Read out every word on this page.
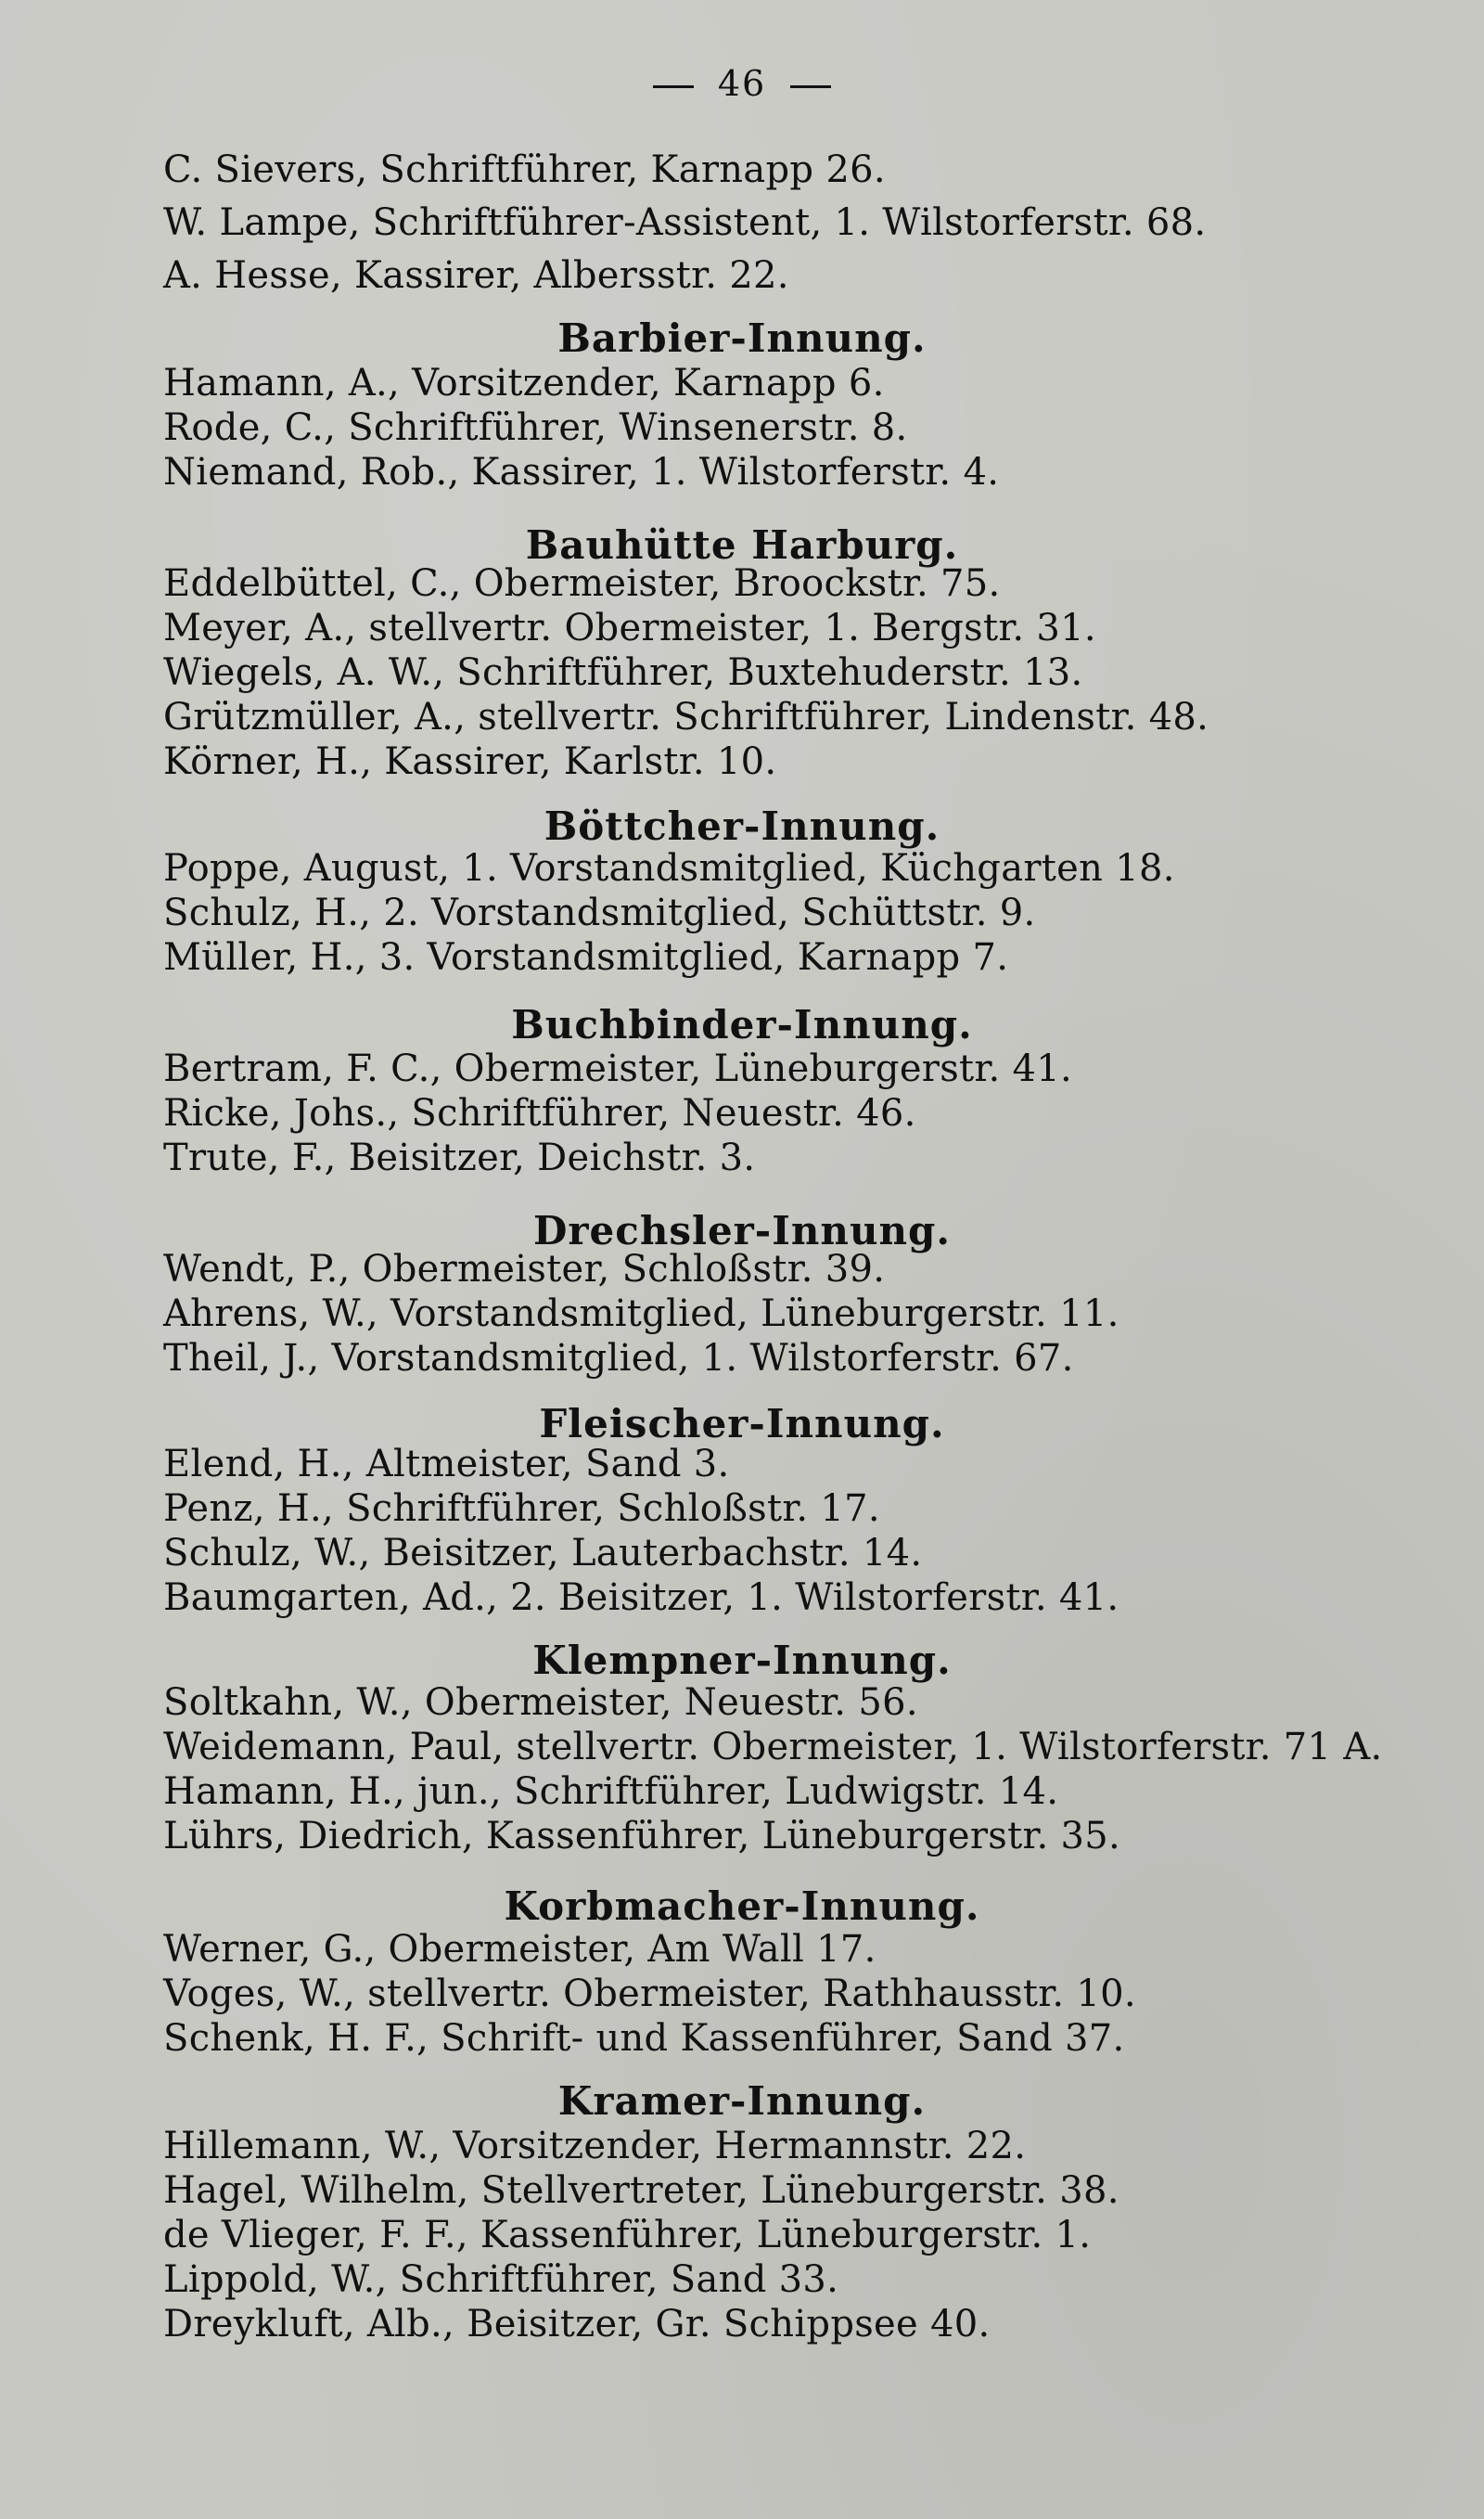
46
C. Sievers, Schriftführer, Karnapp 26.
W. Lampe, Schriftführer-Assistent, 1. Wilstorferstr. 68.
A. Hesse, Kassirer, Albersstr. 22.
Barbier-Innung.
Hamann, A., Vorsitzender, Karnapp 6.
Rode, C., Schriftführer, Winsenerstr. 8.
Niemand, Rob., Kassirer, 1. Wilstorferstr. 4.
Bauhütte Harburg.
Eddelbüttel, C., Obermeister, Broockstr. 75.
Meyer, A., stellvertr. Obermeister, 1. Bergstr. 31.
Wiegels, A. W., Schriftführer, Buxtehuderstr. 13.
Grützmüller, A., stellvertr. Schriftführer, Lindenstr. 48.
Körner, H., Kassirer, Karlstr. 10.
Böttcher-Innung.
Poppe, August, 1. Vorstandsmitglied, Küchgarten 18.
Schulz, H., 2. Vorstandsmitglied, Schüttstr. 9.
Müller, H., 3. Vorstandsmitglied, Karnapp 7.
Buchbinder-Innung.
Bertram, F. C., Obermeister, Lüneburgerstr. 41.
Ricke, Johs., Schriftführer, Neuestr. 46.
Trute, F., Beisitzer, Deichstr. 3.
Drechsler-Innung.
Wendt, P., Obermeister, Schloßstr. 39.
Ahrens, W., Vorstandsmitglied, Lüneburgerstr. 11.
Theil, J., Vorstandsmitglied, 1. Wilstorferstr. 67.
Fleischer-Innung.
Elend, H., Altmeister, Sand 3.
Penz, H., Schriftführer, Schloßstr. 17.
Schulz, W., Beisitzer, Lauterbachstr. 14.
Baumgarten, Ad., 2. Beisitzer, 1. Wilstorferstr. 41.
Klempner-Innung.
Soltkahn, W., Obermeister, Neuestr. 56.
Weidemann, Paul, stellvertr. Obermeister, 1. Wilstorferstr. 71 A.
Hamann, H., jun., Schriftführer, Ludwigstr. 14.
Lührs, Diedrich, Kassenführer, Lüneburgerstr. 35.
Korbmacher-Innung.
Werner, G., Obermeister, Am Wall 17.
Voges, W., stellvertr. Obermeister, Rathhausstr. 10.
Schenk, H. F., Schrift- und Kassenführer, Sand 37.
Kramer-Innung.
Hillemann, W., Vorsitzender, Hermannstr. 22.
Hagel, Wilhelm, Stellvertreter, Lüneburgerstr. 38.
de Vlieger, F. F., Kassenführer, Lüneburgerstr. 1.
Lippold, W., Schriftführer, Sand 33.
Dreykluft, Alb., Beisitzer, Gr. Schippsee 40.
